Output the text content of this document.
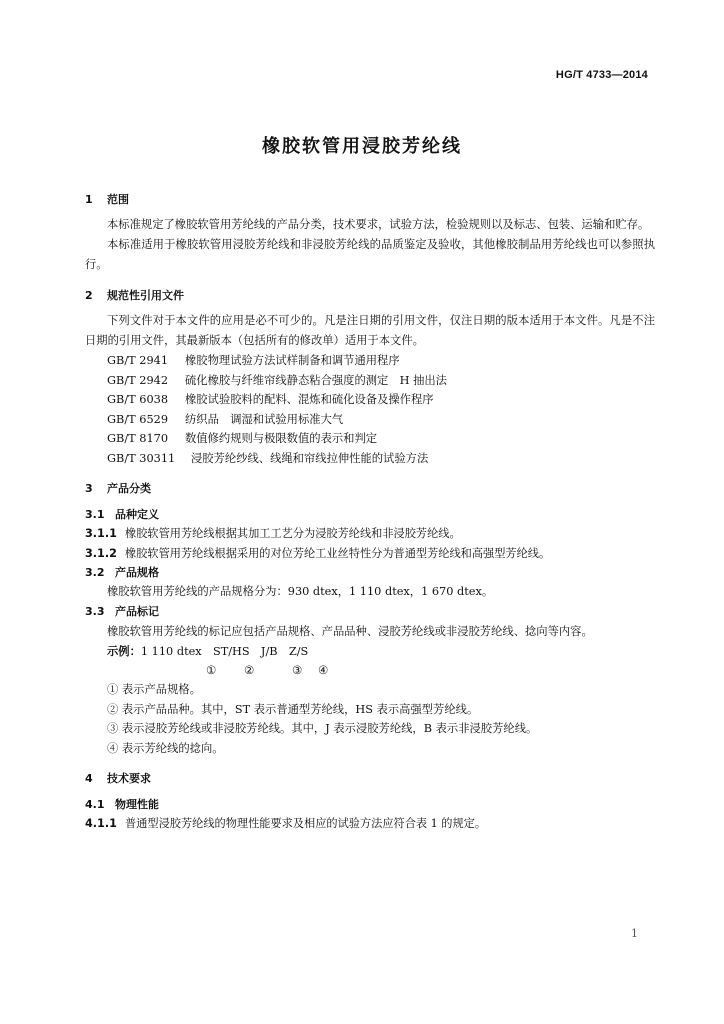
HG/T 4733—2014
橡胶软管用浸胶芳纶线
1 范围

本标准规定了橡胶软管用芳纶线的产品分类，技术要求，试验方法，检验规则以及标志、包装、运输和贮存。

本标准适用于橡胶软管用浸胶芳纶线和非浸胶芳纶线的品质鉴定及验收，其他橡胶制品用芳纶线也可以参照执行。

2 规范性引用文件

下列文件对于本文件的应用是必不可少的。凡是注日期的引用文件，仅注日期的版本适用于本文件。凡是不注日期的引用文件，其最新版本（包括所有的修改单）适用于本文件。

GB/T 2941 橡胶物理试验方法试样制备和调节通用程序

GB/T 2942 硫化橡胶与纤维帘线静态粘合强度的测定　H 抽出法

GB/T 6038 橡胶试验胶料的配料、混炼和硫化设备及操作程序

GB/T 6529 纺织品　调湿和试验用标准大气

GB/T 8170 数值修约规则与极限数值的表示和判定

GB/T 30311 浸胶芳纶纱线、线绳和帘线拉伸性能的试验方法

3 产品分类
3.1 品种定义

3.1.1 橡胶软管用芳纶线根据其加工工艺分为浸胶芳纶线和非浸胶芳纶线。

3.1.2 橡胶软管用芳纶线根据采用的对位芳纶工业丝特性分为普通型芳纶线和高强型芳纶线。

3.2 产品规格

橡胶软管用芳纶线的产品规格分为：930 dtex，1 110 dtex，1 670 dtex。

3.3 产品标记

橡胶软管用芳纶线的标记应包括产品规格、产品品种、浸胶芳纶线或非浸胶芳纶线、捻向等内容。

示例：1 110 dtex　ST/HS　J/B　Z/S

① ②	③ ④

① 表示产品规格。

② 表示产品品种。其中，ST 表示普通型芳纶线，HS 表示高强型芳纶线。

③ 表示浸胶芳纶线或非浸胶芳纶线。其中，J 表示浸胶芳纶线，B 表示非浸胶芳纶线。

④ 表示芳纶线的捻向。

4 技术要求
4.1 物理性能

4.1.1 普通型浸胶芳纶线的物理性能要求及相应的试验方法应符合表 1 的规定。

1
